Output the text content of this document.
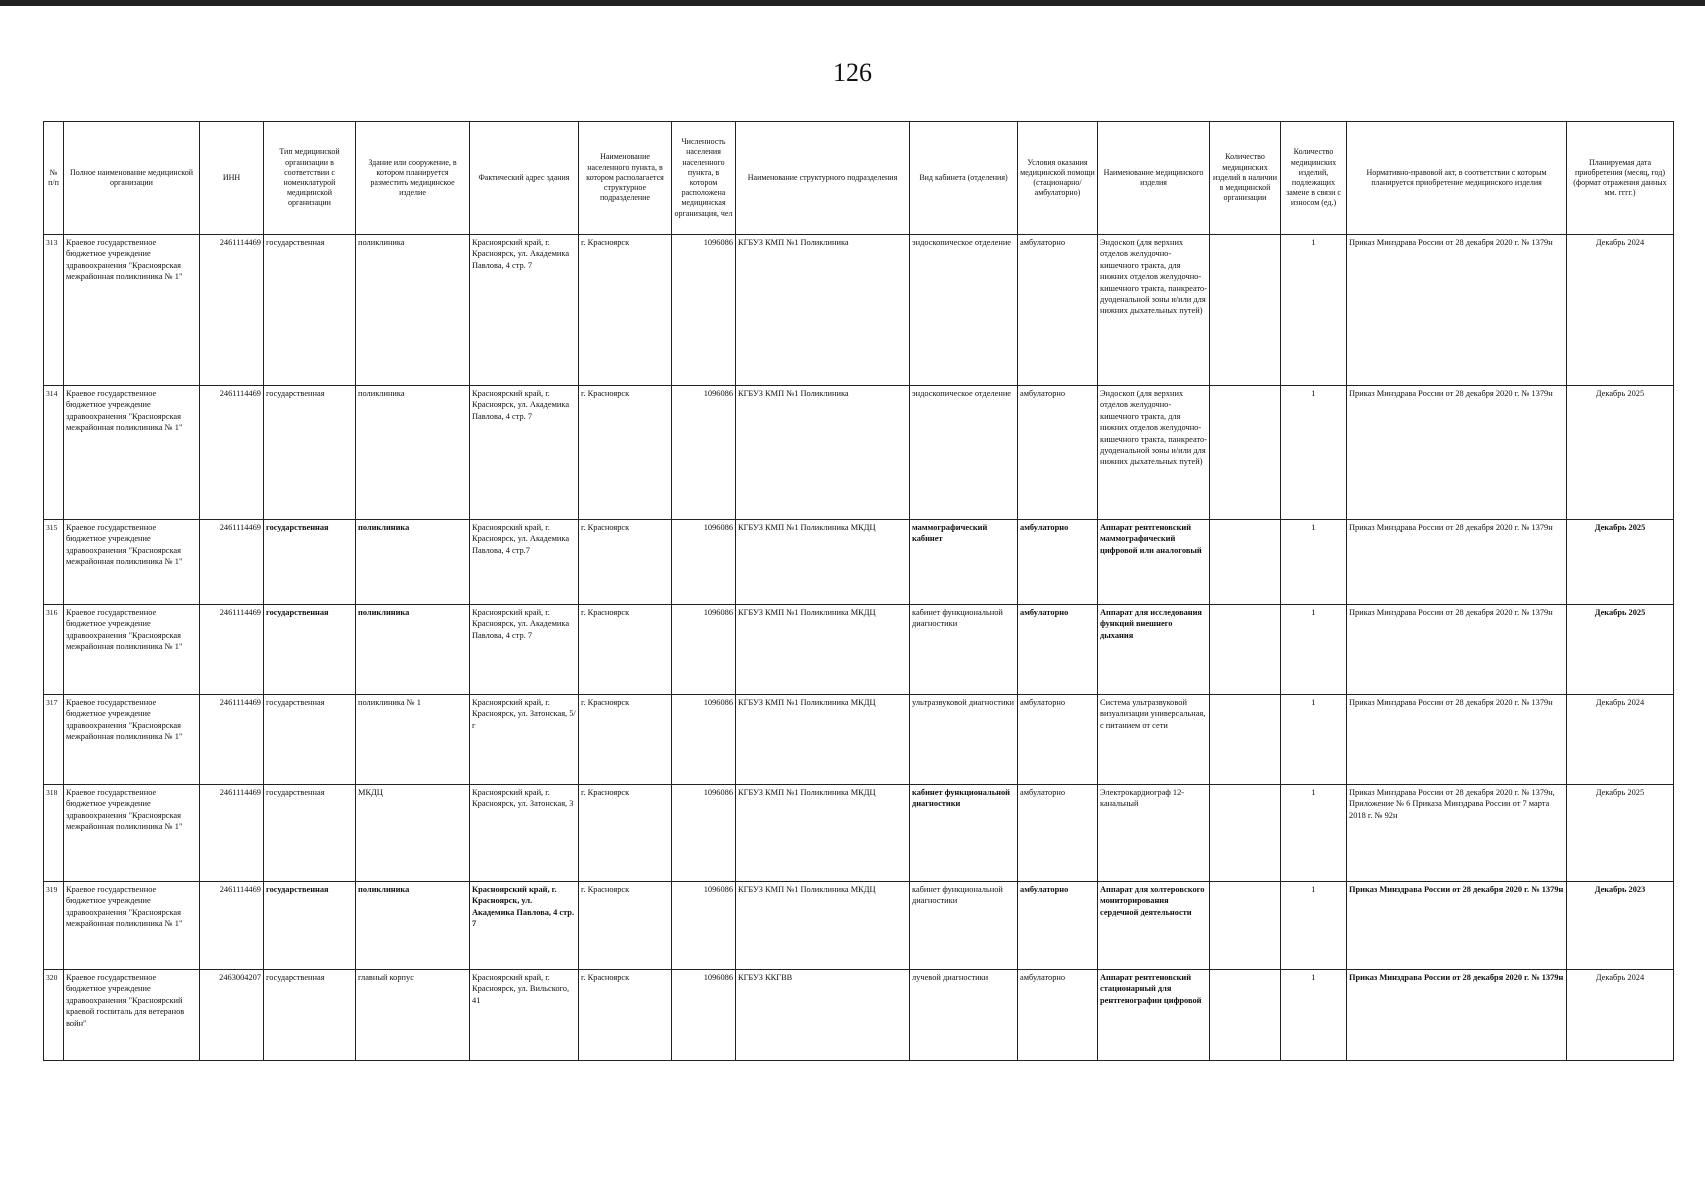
126
№ п/п	Полное наименование медицинской организации	ИНН	Тип медицинской организации в соответствии с номенклатурой медицинской организации	Здание или сооружение, в котором планируется разместить медицинское изделие	Фактический адрес здания	Наименование населенного пункта, в котором располагается структурное подразделение	Численность населения населенного пункта, в котором расположена медицинская организация, чел	Наименование структурного подразделения	Вид кабинета (отделения)	Условия оказания медицинской помощи (стационарно/амбулаторно)	Наименование медицинского изделия	Количество медицинских изделий в наличии в медицинской организации	Количество медицинских изделий, подлежащих замене в связи с износом (ед.)	Нормативно-правовой акт, в соответствии с которым планируется приобретение медицинского изделия	Планируемая дата приобретения (месяц, год) (формат отражения данных мм. гггг.)
313	Краевое государственное бюджетное учреждение здравоохранения "Красноярская межрайонная поликлиника № 1"	2461114469	государственная	поликлиника	Красноярский край, г. Красноярск, ул. Академика Павлова, 4 стр. 7	г. Красноярск	1096086	КГБУЗ КМП №1 Поликлиника	эндоскопическое отделение	амбулаторно	Эндоскоп (для верхних отделов желудочно-кишечного тракта, для нижних отделов желудочно-кишечного тракта, панкреато-дуоденальной зоны и/или для нижних дыхательных путей)		1	Приказ Минздрава России от 28 декабря 2020 г. № 1379н	Декабрь 2024
314	Краевое государственное бюджетное учреждение здравоохранения "Красноярская межрайонная поликлиника № 1"	2461114469	государственная	поликлиника	Красноярский край, г. Красноярск, ул. Академика Павлова, 4 стр. 7	г. Красноярск	1096086	КГБУЗ КМП №1 Поликлиника	эндоскопическое отделение	амбулаторно	Эндоскоп (для верхних отделов желудочно-кишечного тракта, для нижних отделов желудочно-кишечного тракта, панкреато-дуоденальной зоны и/или для нижних дыхательных путей)		1	Приказ Минздрава России от 28 декабря 2020 г. № 1379н	Декабрь 2025
315	Краевое государственное бюджетное учреждение здравоохранения "Красноярская межрайонная поликлиника № 1"	2461114469	государственная	поликлиника	Красноярский край, г. Красноярск, ул. Академика Павлова, 4 стр.7	г. Красноярск	1096086	КГБУЗ КМП №1 Поликлиника МКДЦ	маммографический кабинет	амбулаторно	Аппарат рентгеновский маммографический цифровой или аналоговый		1	Приказ Минздрава России от 28 декабря 2020 г. № 1379н	Декабрь 2025
316	Краевое государственное бюджетное учреждение здравоохранения "Красноярская межрайонная поликлиника № 1"	2461114469	государственная	поликлиника	Красноярский край, г. Красноярск, ул. Академика Павлова, 4 стр. 7	г. Красноярск	1096086	КГБУЗ КМП №1 Поликлиника МКДЦ	кабинет функциональной диагностики	амбулаторно	Аппарат для исследования функций внешнего дыхания		1	Приказ Минздрава России от 28 декабря 2020 г. № 1379н	Декабрь 2025
317	Краевое государственное бюджетное учреждение здравоохранения "Красноярская межрайонная поликлиника № 1"	2461114469	государственная	поликлиника № 1	Красноярский край, г. Красноярск, ул. Затонская, 5/г	г. Красноярск	1096086	КГБУЗ КМП №1 Поликлиника МКДЦ	ультразвуковой диагностики	амбулаторно	Система ультразвуковой визуализации универсальная, с питанием от сети		1	Приказ Минздрава России от 28 декабря 2020 г. № 1379н	Декабрь 2024
318	Краевое государственное бюджетное учреждение здравоохранения "Красноярская межрайонная поликлиника № 1"	2461114469	государственная	МКДЦ	Красноярский край, г. Красноярск, ул. Затонская, 3	г. Красноярск	1096086	КГБУЗ КМП №1 Поликлиника МКДЦ	кабинет функциональной диагностики	амбулаторно	Электрокардиограф 12-канальный		1	Приказ Минздрава России от 28 декабря 2020 г. № 1379н, Приложение № 6 Приказа Минздрава России от 7 марта 2018 г. № 92н	Декабрь 2025
319	Краевое государственное бюджетное учреждение здравоохранения "Красноярская межрайонная поликлиника № 1"	2461114469	государственная	поликлиника	Красноярский край, г. Красноярск, ул. Академика Павлова, 4 стр. 7	г. Красноярск	1096086	КГБУЗ КМП №1 Поликлиника МКДЦ	кабинет функциональной диагностики	амбулаторно	Аппарат для холтеровского мониторирования сердечной деятельности		1	Приказ Минздрава России от 28 декабря 2020 г. № 1379н	Декабрь 2023
320	Краевое государственное бюджетное учреждение здравоохранения "Красноярский краевой госпиталь для ветеранов войн"	2463004207	государственная	главный корпус	Красноярский край, г. Красноярск, ул. Вильского, 41	г. Красноярск	1096086	КГБУЗ ККГВВ	лучевой диагностики	амбулаторно	Аппарат рентгеновский стационарный для рентгенографии цифровой		1	Приказ Минздрава России от 28 декабря 2020 г. № 1379н	Декабрь 2024
